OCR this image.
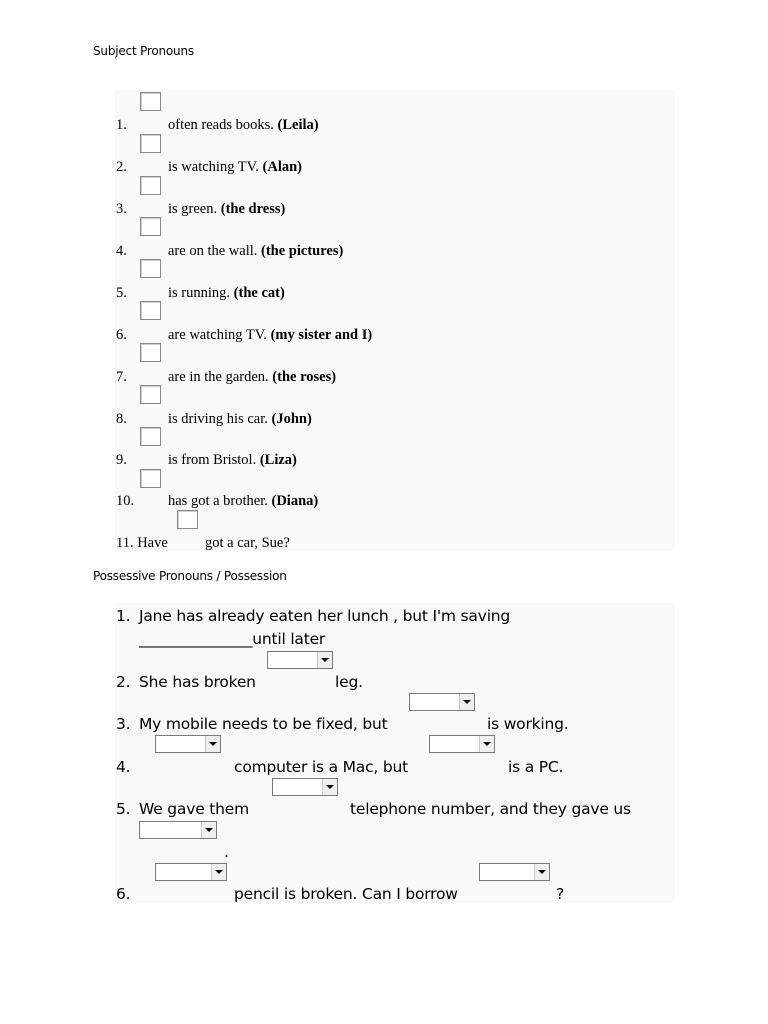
Subject Pronouns
1.	often reads books. (Leila)
2.	is watching TV. (Alan)
3.	is green. (the dress)
4.	are on the wall. (the pictures)
5.	is running. (the cat)
6.	are watching TV. (my sister and I)
7.	are in the garden. (the roses)
8.	is driving his car. (John)
9.	is from Bristol. (Liza)
10. has got a brother. (Diana)
11. Have	got a car, Sue?
Possessive Pronouns / Possession
1. Jane has already eaten her lunch , but I'm saving
_______________until later
2. She has broken	leg.
3. My mobile needs to be fixed, but	is working.
4.	computer is a Mac, but	is a PC.
5. We gave them	telephone number, and they gave us
.
6.	pencil is broken. Can I borrow	?
